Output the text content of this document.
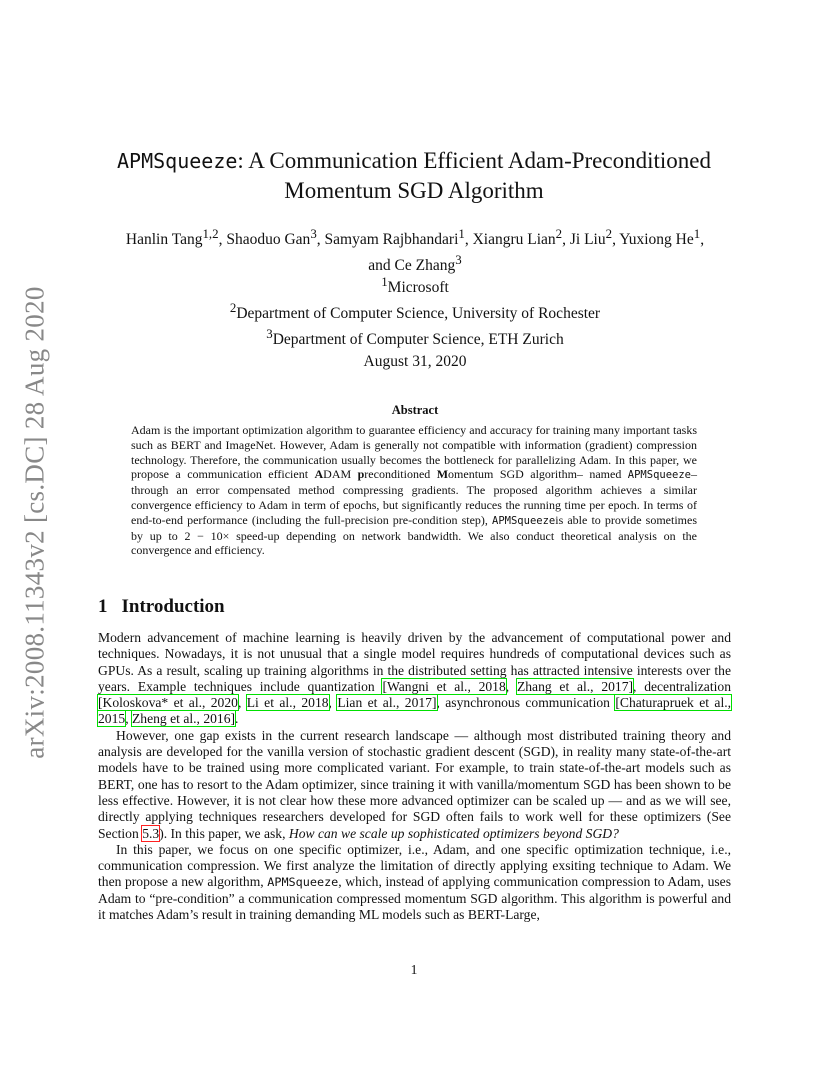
arXiv:2008.11343v2 [cs.DC] 28 Aug 2020
APMSqueeze: A Communication Efficient Adam-Preconditioned
Momentum SGD Algorithm
Hanlin Tang$^{1,2}$, Shaoduo Gan$^3$, Samyam Rajbhandari$^1$, Xiangru Lian$^2$, Ji Liu$^2$, Yuxiong He$^1$,
and Ce Zhang$^3$
$^1$Microsoft
$^2$Department of Computer Science, University of Rochester
$^3$Department of Computer Science, ETH Zurich
August 31, 2020
Abstract

Adam is the important optimization algorithm to guarantee efficiency and accuracy for training many important tasks such as BERT and ImageNet. However, Adam is generally not compatible with information (gradient) compression technology. Therefore, the communication usually becomes the bottleneck for parallelizing Adam. In this paper, we propose a communication efficient ADAM preconditioned Momentum SGD algorithm– named APMSqueeze– through an error compensated method compressing gradients. The proposed algorithm achieves a similar convergence efficiency to Adam in term of epochs, but significantly reduces the running time per epoch. In terms of end-to-end performance (including the full-precision pre-condition step), APMSqueezeis able to provide sometimes by up to 2 − 10× speed-up depending on network bandwidth. We also conduct theoretical analysis on the convergence and efficiency.

1 Introduction

Modern advancement of machine learning is heavily driven by the advancement of computational power and techniques. Nowadays, it is not unusual that a single model requires hundreds of computational devices such as GPUs. As a result, scaling up training algorithms in the distributed setting has attracted intensive interests over the years. Example techniques include quantization [Wangni et al., 2018, Zhang et al., 2017], decentralization [Koloskova* et al., 2020, Li et al., 2018, Lian et al., 2017], asynchronous communication [Chaturapruek et al., 2015, Zheng et al., 2016].

However, one gap exists in the current research landscape — although most distributed training theory and analysis are developed for the vanilla version of stochastic gradient descent (SGD), in reality many state-of-the-art models have to be trained using more complicated variant. For example, to train state-of-the-art models such as BERT, one has to resort to the Adam optimizer, since training it with vanilla/momentum SGD has been shown to be less effective. However, it is not clear how these more advanced optimizer can be scaled up — and as we will see, directly applying techniques researchers developed for SGD often fails to work well for these optimizers (See Section 5.3). In this paper, we ask, How can we scale up sophisticated optimizers beyond SGD?

In this paper, we focus on one specific optimizer, i.e., Adam, and one specific optimization technique, i.e., communication compression. We first analyze the limitation of directly applying exsiting technique to Adam. We then propose a new algorithm, APMSqueeze, which, instead of applying communication compression to Adam, uses Adam to “pre-condition” a communication compressed momentum SGD algorithm. This algorithm is powerful and it matches Adam’s result in training demanding ML models such as BERT-Large,

1
